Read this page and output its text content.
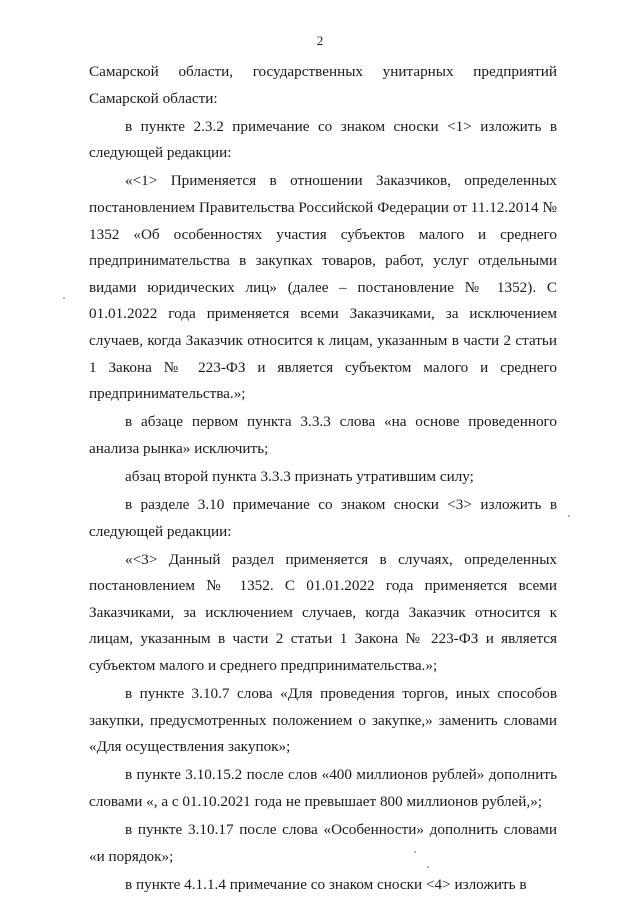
2

Самарской области, государственных унитарных предприятий Самарской области:

в пункте 2.3.2 примечание со знаком сноски <1> изложить в следующей редакции:

«<1> Применяется в отношении Заказчиков, определенных постановлением Правительства Российской Федерации от 11.12.2014 № 1352 «Об особенностях участия субъектов малого и среднего предпринимательства в закупках товаров, работ, услуг отдельными видами юридических лиц» (далее – постановление № 1352). С 01.01.2022 года применяется всеми Заказчиками, за исключением случаев, когда Заказчик относится к лицам, указанным в части 2 статьи 1 Закона № 223-ФЗ и является субъектом малого и среднего предпринимательства.»;

в абзаце первом пункта 3.3.3 слова «на основе проведенного анализа рынка» исключить;

абзац второй пункта 3.3.3 признать утратившим силу;

в разделе 3.10 примечание со знаком сноски <3> изложить в следующей редакции:

«<3> Данный раздел применяется в случаях, определенных постановлением № 1352. С 01.01.2022 года применяется всеми Заказчиками, за исключением случаев, когда Заказчик относится к лицам, указанным в части 2 статьи 1 Закона № 223-ФЗ и является субъектом малого и среднего предпринимательства.»;

в пункте 3.10.7 слова «Для проведения торгов, иных способов закупки, предусмотренных положением о закупке,» заменить словами «Для осуществления закупок»;

в пункте 3.10.15.2 после слов «400 миллионов рублей» дополнить словами «, а с 01.10.2021 года не превышает 800 миллионов рублей,»;

в пункте 3.10.17 после слова «Особенности» дополнить словами «и порядок»;

в пункте 4.1.1.4 примечание со знаком сноски <4> изложить в
